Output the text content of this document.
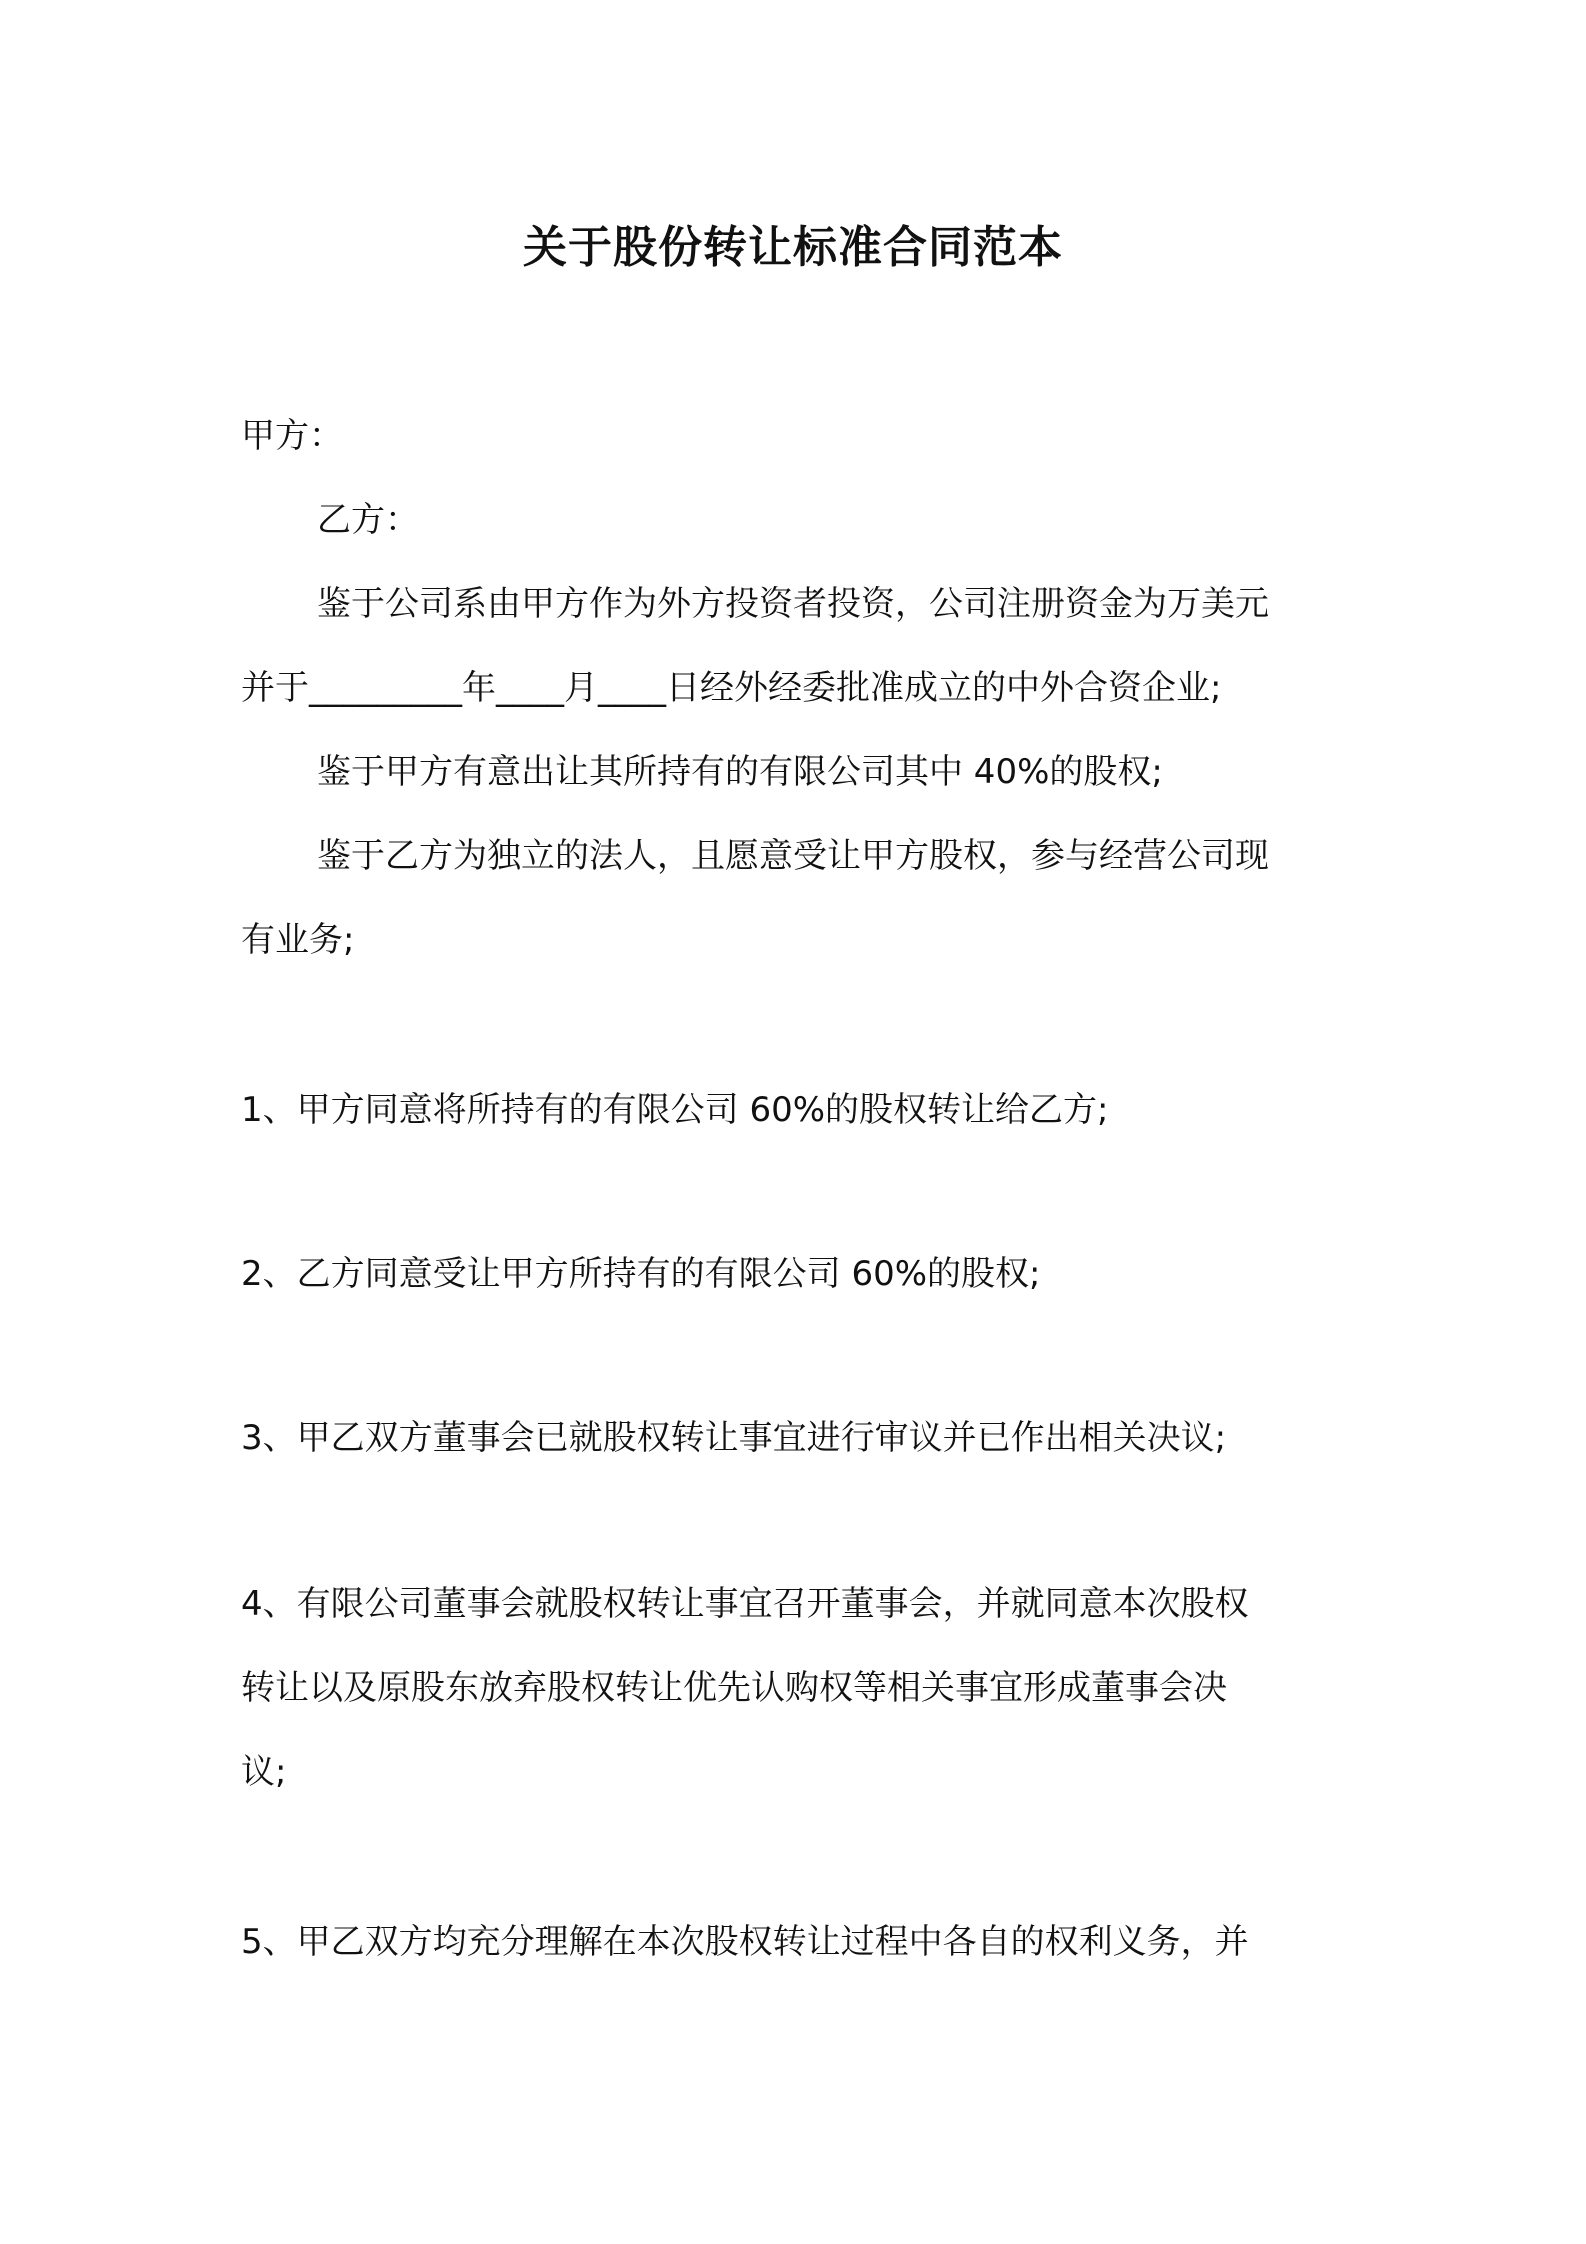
关于股份转让标准合同范本
甲方：
乙方：
鉴于公司系由甲方作为外方投资者投资，公司注册资金为万美元
并于_________年____月____日经外经委批准成立的中外合资企业;
鉴于甲方有意出让其所持有的有限公司其中 40%的股权;
鉴于乙方为独立的法人，且愿意受让甲方股权，参与经营公司现
有业务;
1、甲方同意将所持有的有限公司 60%的股权转让给乙方;
2、乙方同意受让甲方所持有的有限公司 60%的股权;
3、甲乙双方董事会已就股权转让事宜进行审议并已作出相关决议;
4、有限公司董事会就股权转让事宜召开董事会，并就同意本次股权
转让以及原股东放弃股权转让优先认购权等相关事宜形成董事会决
议;
5、甲乙双方均充分理解在本次股权转让过程中各自的权利义务，并
